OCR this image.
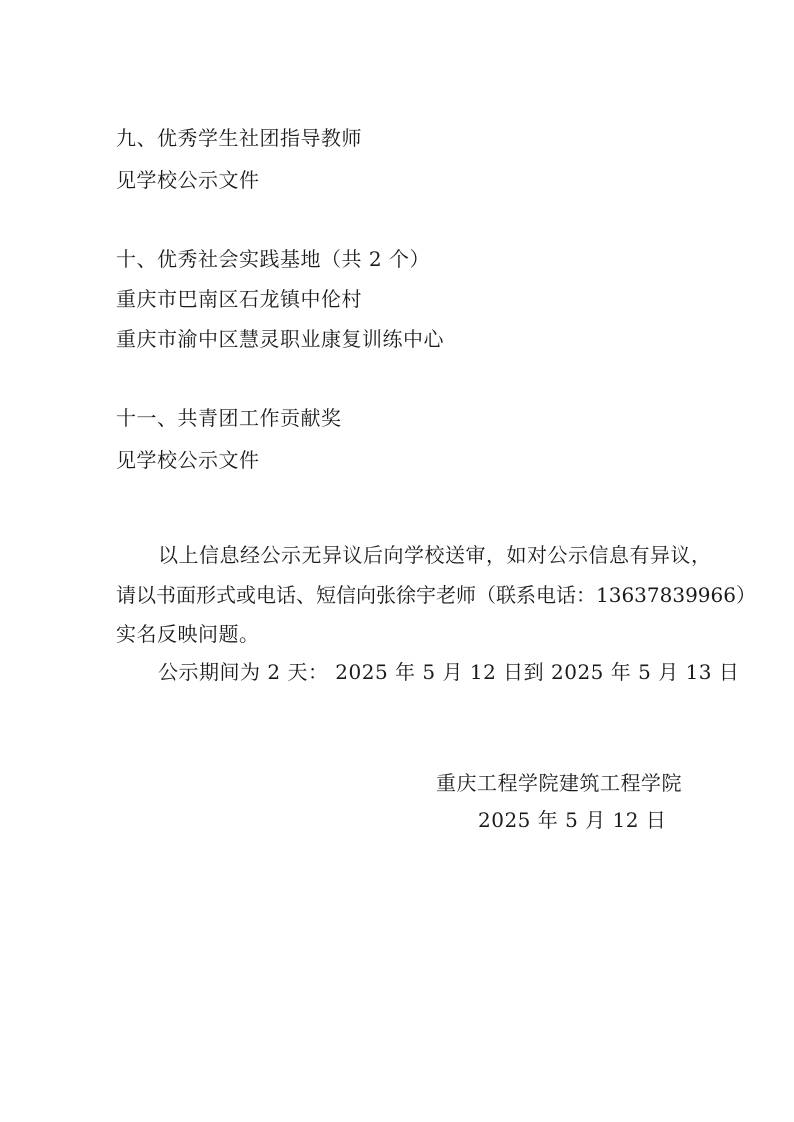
九、优秀学生社团指导教师
见学校公示文件
十、优秀社会实践基地（共 2 个）
重庆市巴南区石龙镇中伦村
重庆市渝中区慧灵职业康复训练中心
十一、共青团工作贡献奖
见学校公示文件
以上信息经公示无异议后向学校送审，如对公示信息有异议，
请以书面形式或电话、短信向张徐宇老师（联系电话：13637839966）
实名反映问题。
公示期间为 2 天： 2025 年 5 月 12 日到 2025 年 5 月 13 日
重庆工程学院建筑工程学院
2025 年 5 月 12 日
